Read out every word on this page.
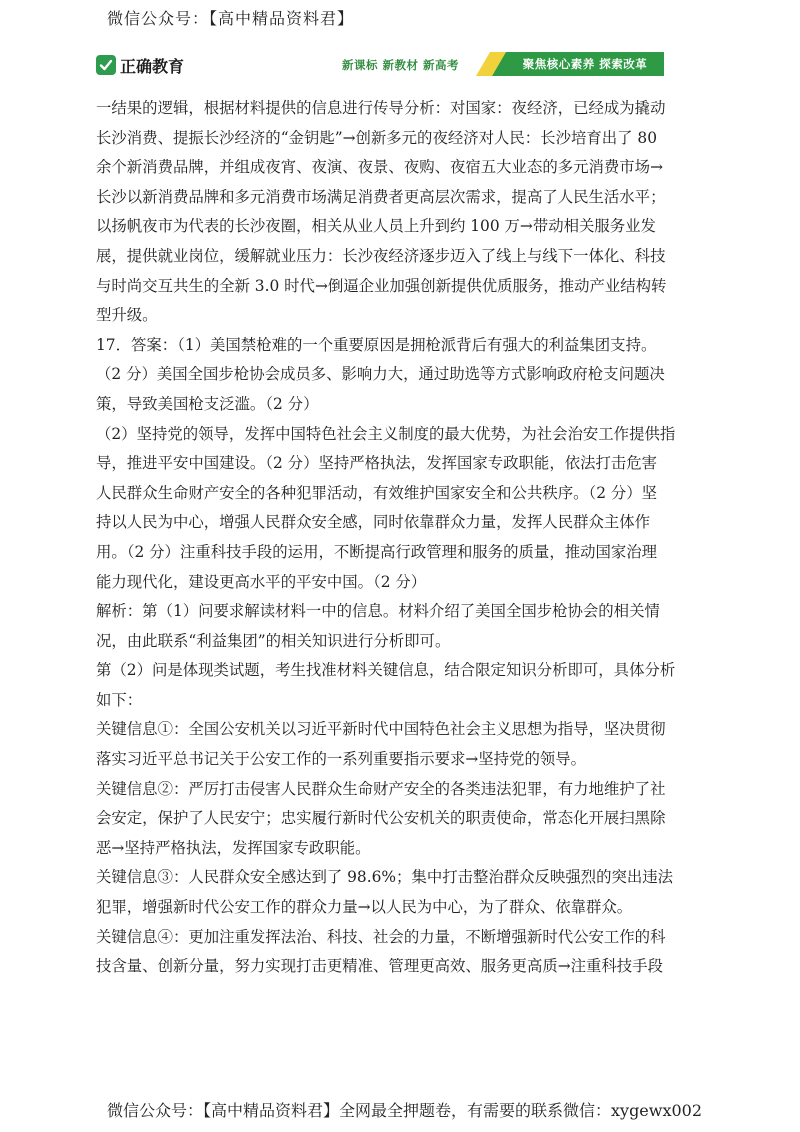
微信公众号：【高中精品资料君】
正确教育	新课标 新教材 新高考	聚焦核心素养 探索改革

一结果的逻辑，根据材料提供的信息进行传导分析：对国家：夜经济，已经成为撬动

长沙消费、提振长沙经济的“金钥匙”→创新多元的夜经济对人民：长沙培育出了 80

余个新消费品牌，并组成夜宵、夜演、夜景、夜购、夜宿五大业态的多元消费市场→

长沙以新消费品牌和多元消费市场满足消费者更高层次需求，提高了人民生活水平；

以扬帆夜市为代表的长沙夜圈，相关从业人员上升到约 100 万→带动相关服务业发

展，提供就业岗位，缓解就业压力：长沙夜经济逐步迈入了线上与线下一体化、科技

与时尚交互共生的全新 3.0 时代→倒逼企业加强创新提供优质服务，推动产业结构转

型升级。

17．答案：（1）美国禁枪难的一个重要原因是拥枪派背后有强大的利益集团支持。

（2 分）美国全国步枪协会成员多、影响力大，通过助选等方式影响政府枪支问题决

策，导致美国枪支泛滥。（2 分）

（2）坚持党的领导，发挥中国特色社会主义制度的最大优势，为社会治安工作提供指

导，推进平安中国建设。（2 分）坚持严格执法，发挥国家专政职能，依法打击危害

人民群众生命财产安全的各种犯罪活动，有效维护国家安全和公共秩序。（2 分）坚

持以人民为中心，增强人民群众安全感，同时依靠群众力量，发挥人民群众主体作

用。（2 分）注重科技手段的运用，不断提高行政管理和服务的质量，推动国家治理

能力现代化，建设更高水平的平安中国。（2 分）

解析：第（1）问要求解读材料一中的信息。材料介绍了美国全国步枪协会的相关情

况，由此联系“利益集团”的相关知识进行分析即可。

第（2）问是体现类试题，考生找准材料关键信息，结合限定知识分析即可，具体分析

如下：

关键信息①：全国公安机关以习近平新时代中国特色社会主义思想为指导，坚决贯彻

落实习近平总书记关于公安工作的一系列重要指示要求→坚持党的领导。

关键信息②：严厉打击侵害人民群众生命财产安全的各类违法犯罪，有力地维护了社

会安定，保护了人民安宁；忠实履行新时代公安机关的职责使命，常态化开展扫黑除

恶→坚持严格执法，发挥国家专政职能。

关键信息③：人民群众安全感达到了 98.6%；集中打击整治群众反映强烈的突出违法

犯罪，增强新时代公安工作的群众力量→以人民为中心，为了群众、依靠群众。

关键信息④：更加注重发挥法治、科技、社会的力量，不断增强新时代公安工作的科

技含量、创新分量，努力实现打击更精准、管理更高效、服务更高质→注重科技手段

微信公众号：【高中精品资料君】全网最全押题卷，有需要的联系微信：xygewx002
